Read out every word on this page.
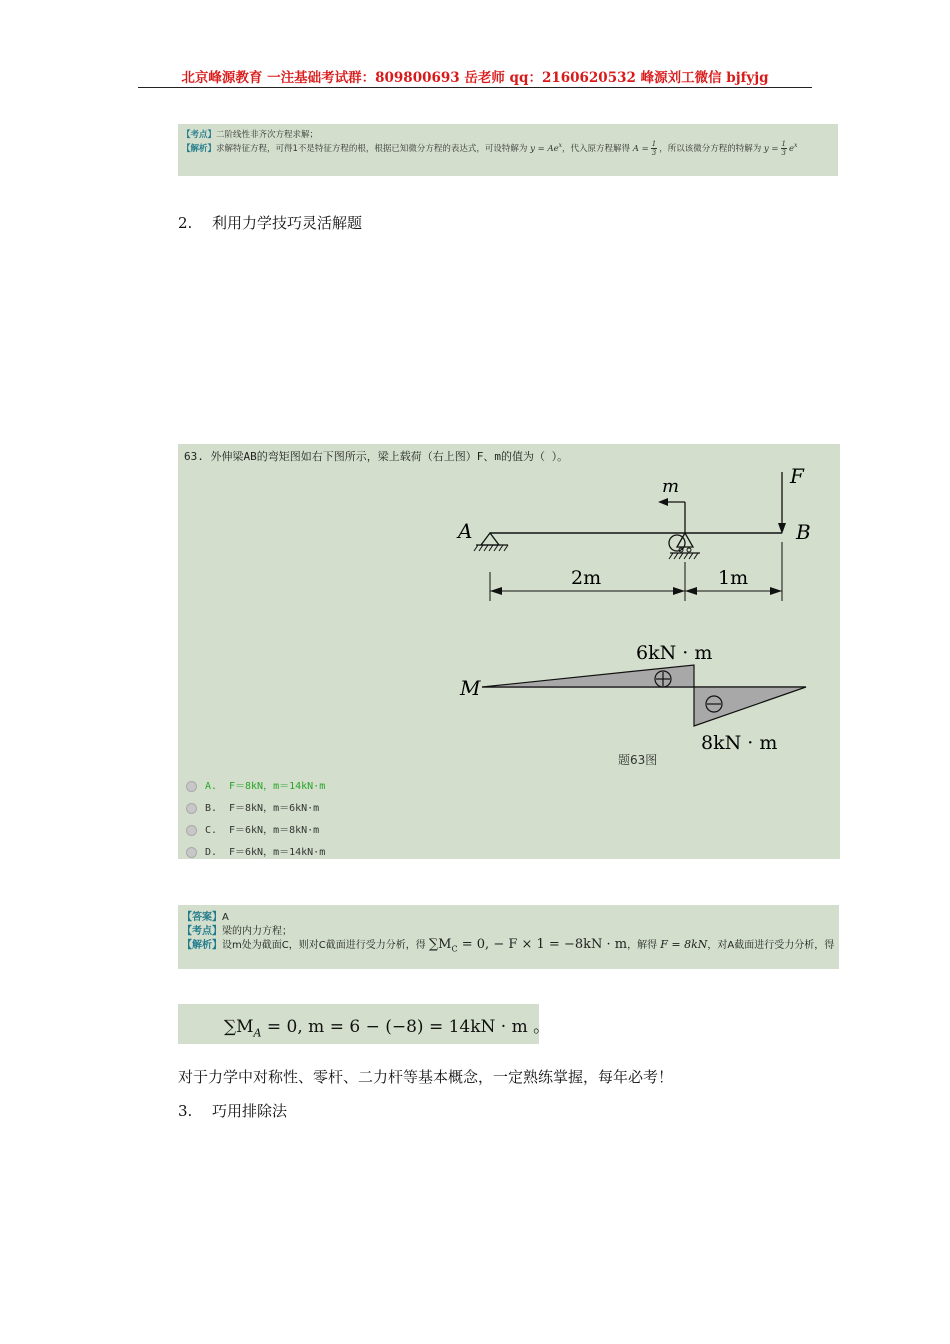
北京峰源教育 一注基础考试群：809800693 岳老师 qq：2160620532 峰源刘工微信 bjfyjg
【考点】二阶线性非齐次方程求解；
【解析】求解特征方程，可得1不是特征方程的根，根据已知微分方程的表达式，可设特解为 $y = Ae^x$，代入原方程解得 $A = \frac{1}{3}$ ，所以该微分方程的特解为 $y = \frac{1}{3} e^x$
2. 利用力学技巧灵活解题
63. 外伸梁AB的弯矩图如右下图所示，梁上载荷（右上图）F、m的值为（ ）。
A	B
F
m
2m	1m
M
6kN · m
8kN · m
题63图
A. F＝8kN，m＝14kN·m
B. F＝8kN，m＝6kN·m
C. F＝6kN，m＝8kN·m
D. F＝6kN，m＝14kN·m
【答案】A
【考点】梁的内力方程；
【解析】设m处为截面C，则对C截面进行受力分析，得 $\sum M_C = 0$, − F × 1 = −8kN · m，解得 F = 8kN，对A截面进行受力分析，得
$\sum M_A = 0$, m = 6 − (−8) = 14kN · m 。
对于力学中对称性、零杆、二力杆等基本概念，一定熟练掌握，每年必考！
3. 巧用排除法
